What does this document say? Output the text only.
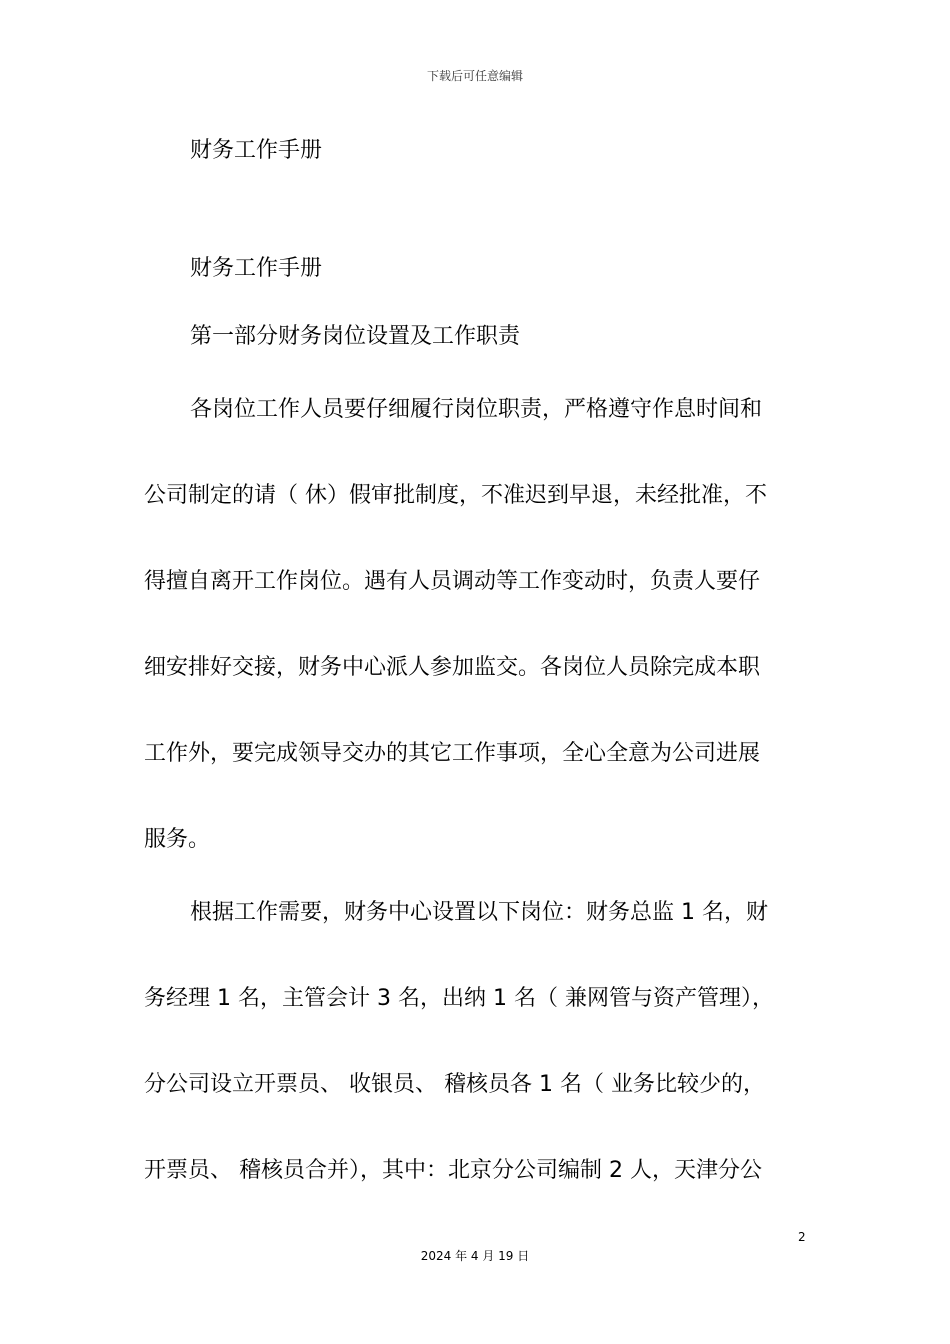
下载后可任意编辑
财务工作手册
财务工作手册
第一部分财务岗位设置及工作职责
各岗位工作人员要仔细履行岗位职责，严格遵守作息时间和
公司制定的请（ 休）假审批制度，不准迟到早退，未经批准，不
得擅自离开工作岗位。遇有人员调动等工作变动时，负责人要仔
细安排好交接，财务中心派人参加监交。各岗位人员除完成本职
工作外，要完成领导交办的其它工作事项，全心全意为公司进展
服务。
根据工作需要，财务中心设置以下岗位：财务总监 1 名，财
务经理 1 名，主管会计 3 名，出纳 1 名（ 兼网管与资产管理），
分公司设立开票员、 收银员、 稽核员各 1 名（ 业务比较少的，
开票员、 稽核员合并），其中：北京分公司编制 2 人，天津分公
2
2024 年 4 月 19 日
